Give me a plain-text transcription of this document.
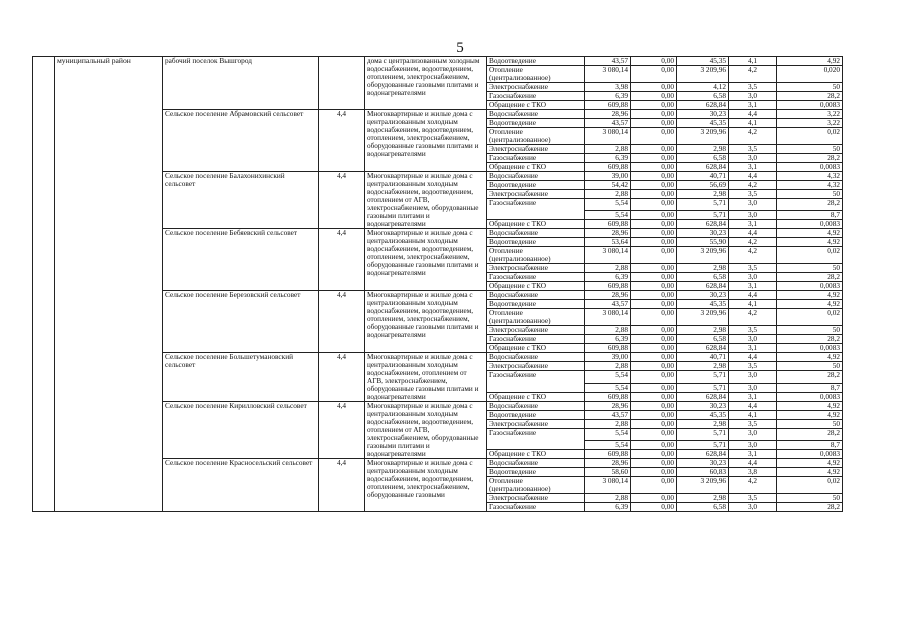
5
	муниципальный район	рабочий поселок Вышгород		дома с централизованным холодным водоснабжением, водоотведением, отоплением, электроснабжением, оборудованные газовыми плитами и водонагревателями	Водоотведение	43,57	0,00	45,35	4,1	4,92
					Отопление (централизованное)	3 080,14	0,00	3 209,96	4,2	0,020
					Электроснабжение	3,98	0,00	4,12	3,5	50
					Газоснабжение	6,39	0,00	6,58	3,0	28,2
					Обращение с ТКО	609,88	0,00	628,84	3,1	0,0083
		Сельское поселение Абрамовский сельсовет	4,4	Многоквартирные и жилые дома с централизованным холодным водоснабжением, водоотведением, отоплением, электроснабжением, оборудованные газовыми плитами и водонагревателями	Водоснабжение	28,96	0,00	30,23	4,4	3,22
					Водоотведение	43,57	0,00	45,35	4,1	3,22
					Отопление (централизованное)	3 080,14	0,00	3 209,96	4,2	0,02
					Электроснабжение	2,88	0,00	2,98	3,5	50
					Газоснабжение	6,39	0,00	6,58	3,0	28,2
					Обращение с ТКО	609,88	0,00	628,84	3,1	0,0083
		Сельское поселение Балахонихинский сельсовет	4,4	Многоквартирные и жилые дома с централизованным холодным водоснабжением, водоотведением, отоплением от АГВ, электроснабжением, оборудованные газовыми плитами и водонагревателями	Водоснабжение	39,00	0,00	40,71	4,4	4,32
					Водоотведение	54,42	0,00	56,69	4,2	4,32
					Электроснабжение	2,88	0,00	2,98	3,5	50
					Газоснабжение	5,54	0,00	5,71	3,0	28,2
						5,54	0,00	5,71	3,0	8,7
					Обращение с ТКО	609,88	0,00	628,84	3,1	0,0083
		Сельское поселение Бебяевский сельсовет	4,4	Многоквартирные и жилые дома с централизованным холодным водоснабжением, водоотведением, отоплением, электроснабжением, оборудованные газовыми плитами и водонагревателями	Водоснабжение	28,96	0,00	30,23	4,4	4,92
					Водоотведение	53,64	0,00	55,90	4,2	4,92
					Отопление (централизованное)	3 080,14	0,00	3 209,96	4,2	0,02
					Электроснабжение	2,88	0,00	2,98	3,5	50
					Газоснабжение	6,39	0,00	6,58	3,0	28,2
					Обращение с ТКО	609,88	0,00	628,84	3,1	0,0083
		Сельское поселение Березовский сельсовет	4,4	Многоквартирные и жилые дома с централизованным холодным водоснабжением, водоотведением, отоплением, электроснабжением, оборудованные газовыми плитами и водонагревателями	Водоснабжение	28,96	0,00	30,23	4,4	4,92
					Водоотведение	43,57	0,00	45,35	4,1	4,92
					Отопление (централизованное)	3 080,14	0,00	3 209,96	4,2	0,02
					Электроснабжение	2,88	0,00	2,98	3,5	50
					Газоснабжение	6,39	0,00	6,58	3,0	28,2
					Обращение с ТКО	609,88	0,00	628,84	3,1	0,0083
		Сельское поселение Большетумановский сельсовет	4,4	Многоквартирные и жилые дома с централизованным холодным водоснабжением, отоплением от АГВ, электроснабжением, оборудованные газовыми плитами и водонагревателями	Водоснабжение	39,00	0,00	40,71	4,4	4,92
					Электроснабжение	2,88	0,00	2,98	3,5	50
					Газоснабжение	5,54	0,00	5,71	3,0	28,2
						5,54	0,00	5,71	3,0	8,7
					Обращение с ТКО	609,88	0,00	628,84	3,1	0,0083
		Сельское поселение Кирилловский сельсовет	4,4	Многоквартирные и жилые дома с централизованным холодным водоснабжением, водоотведением, отоплением от АГВ, электроснабжением, оборудованные газовыми плитами и водонагревателями	Водоснабжение	28,96	0,00	30,23	4,4	4,92
					Водоотведение	43,57	0,00	45,35	4,1	4,92
					Электроснабжение	2,88	0,00	2,98	3,5	50
					Газоснабжение	5,54	0,00	5,71	3,0	28,2
						5,54	0,00	5,71	3,0	8,7
					Обращение с ТКО	609,88	0,00	628,84	3,1	0,0083
		Сельское поселение Красносельский сельсовет	4,4	Многоквартирные и жилые дома с централизованным холодным водоснабжением, водоотведением, отоплением, электроснабжением, оборудованные газовыми	Водоснабжение	28,96	0,00	30,23	4,4	4,92
					Водоотведение	58,60	0,00	60,83	3,8	4,92
					Отопление (централизованное)	3 080,14	0,00	3 209,96	4,2	0,02
					Электроснабжение	2,88	0,00	2,98	3,5	50
					Газоснабжение	6,39	0,00	6,58	3,0	28,2
